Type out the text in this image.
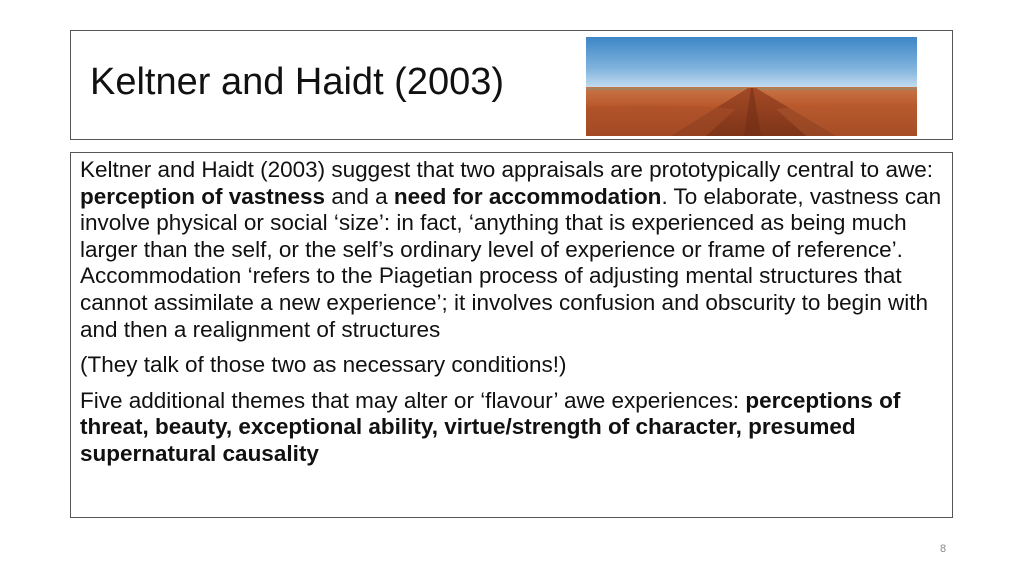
Keltner and Haidt (2003)

Keltner and Haidt (2003) suggest that two appraisals are prototypically central to awe: perception of vastness and a need for accommodation. To elaborate, vastness can involve physical or social ‘size’: in fact, ‘anything that is experienced as being much larger than the self, or the self’s ordinary level of experience or frame of reference’. Accommodation ‘refers to the Piagetian process of adjusting mental structures that cannot assimilate a new experience’; it involves confusion and obscurity to begin with and then a realignment of structures

(They talk of those two as necessary conditions!)

Five additional themes that may alter or ‘flavour’ awe experiences: perceptions of threat, beauty, exceptional ability, virtue/strength of character, presumed supernatural causality

8
